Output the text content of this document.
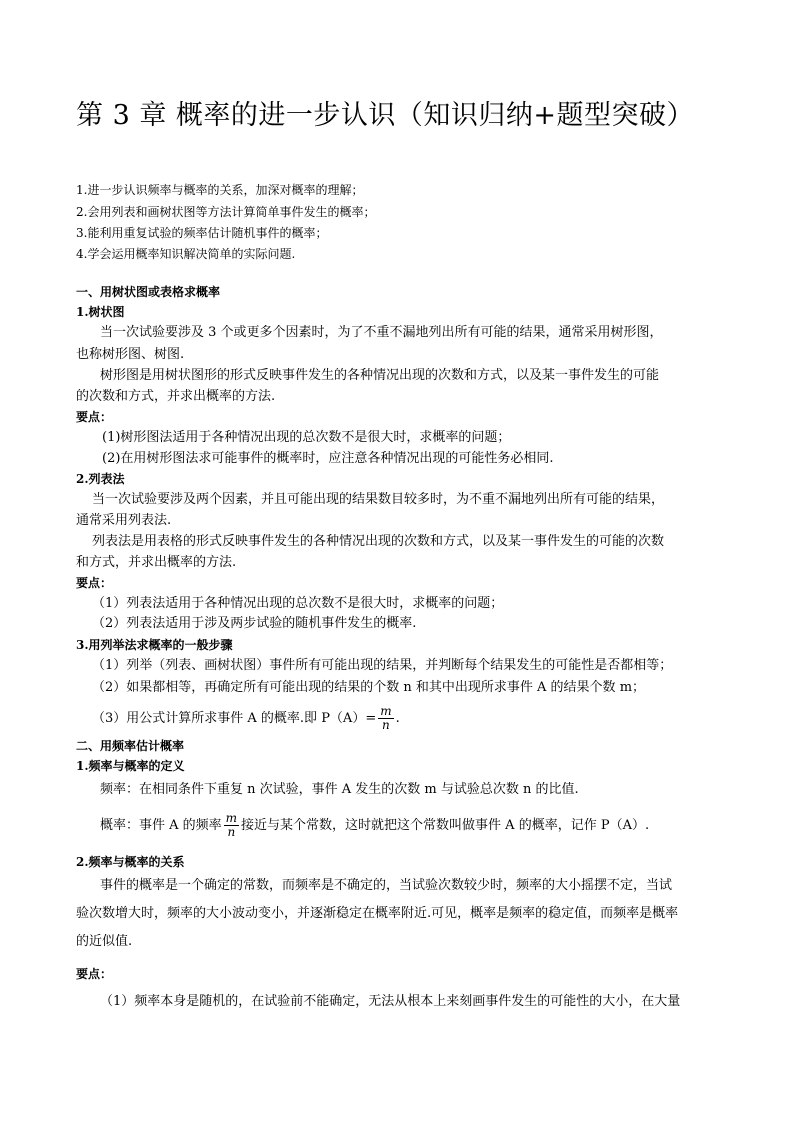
第 3 章 概率的进一步认识（知识归纳+题型突破）
1.进一步认识频率与概率的关系，加深对概率的理解；
2.会用列表和画树状图等方法计算简单事件发生的概率；
3.能利用重复试验的频率估计随机事件的概率；
4.学会运用概率知识解决简单的实际问题.
一、用树状图或表格求概率
1.树状图
当一次试验要涉及 3 个或更多个因素时，为了不重不漏地列出所有可能的结果，通常采用树形图，
也称树形图、树图.
树形图是用树状图形的形式反映事件发生的各种情况出现的次数和方式，以及某一事件发生的可能
的次数和方式，并求出概率的方法.
要点：
(1)树形图法适用于各种情况出现的总次数不是很大时，求概率的问题；
(2)在用树形图法求可能事件的概率时，应注意各种情况出现的可能性务必相同.
2.列表法
当一次试验要涉及两个因素，并且可能出现的结果数目较多时，为不重不漏地列出所有可能的结果，
通常采用列表法.
列表法是用表格的形式反映事件发生的各种情况出现的次数和方式，以及某一事件发生的可能的次数
和方式，并求出概率的方法.
要点：
（1）列表法适用于各种情况出现的总次数不是很大时，求概率的问题；
（2）列表法适用于涉及两步试验的随机事件发生的概率.
3.用列举法求概率的一般步骤
（1）列举（列表、画树状图）事件所有可能出现的结果，并判断每个结果发生的可能性是否都相等；
（2）如果都相等，再确定所有可能出现的结果的个数 n 和其中出现所求事件 A 的结果个数 m；
（3）用公式计算所求事件 A 的概率.即 $P(A)= \frac{m}{n}$ .
二、用频率估计概率
1.频率与概率的定义
频率：在相同条件下重复 n 次试验，事件 A 发生的次数 m 与试验总次数 n 的比值.
概率：事件 A 的频率 $\frac{m}{n}$ 接近与某个常数，这时就把这个常数叫做事件 A 的概率，记作 P（A）.
2.频率与概率的关系
事件的概率是一个确定的常数，而频率是不确定的，当试验次数较少时，频率的大小摇摆不定，当试
验次数增大时，频率的大小波动变小，并逐渐稳定在概率附近.可见，概率是频率的稳定值，而频率是概率
的近似值.
要点：
（1）频率本身是随机的，在试验前不能确定，无法从根本上来刻画事件发生的可能性的大小，在大量
